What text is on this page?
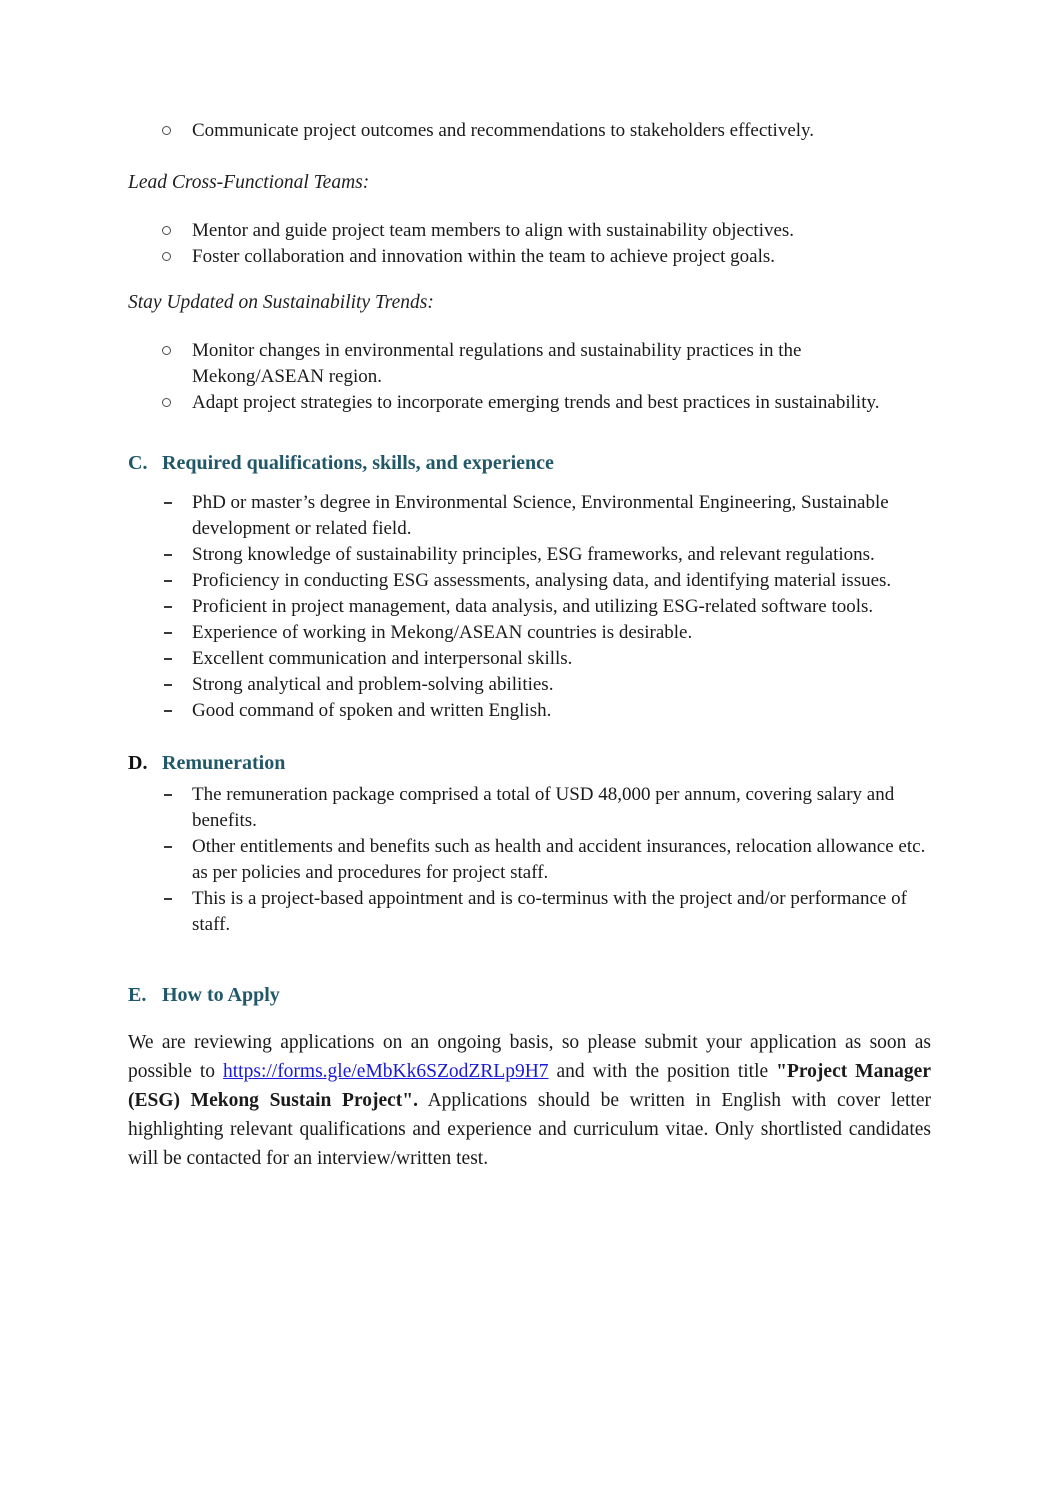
Communicate project outcomes and recommendations to stakeholders effectively.
Lead Cross-Functional Teams:
Mentor and guide project team members to align with sustainability objectives.
Foster collaboration and innovation within the team to achieve project goals.
Stay Updated on Sustainability Trends:
Monitor changes in environmental regulations and sustainability practices in the Mekong/ASEAN region.
Adapt project strategies to incorporate emerging trends and best practices in sustainability.
C. Required qualifications, skills, and experience
PhD or master’s degree in Environmental Science, Environmental Engineering, Sustainable development or related field.
Strong knowledge of sustainability principles, ESG frameworks, and relevant regulations.
Proficiency in conducting ESG assessments, analysing data, and identifying material issues.
Proficient in project management, data analysis, and utilizing ESG-related software tools.
Experience of working in Mekong/ASEAN countries is desirable.
Excellent communication and interpersonal skills.
Strong analytical and problem-solving abilities.
Good command of spoken and written English.
D. Remuneration
The remuneration package comprised a total of USD 48,000 per annum, covering salary and benefits.
Other entitlements and benefits such as health and accident insurances, relocation allowance etc. as per policies and procedures for project staff.
This is a project-based appointment and is co-terminus with the project and/or performance of staff.
E. How to Apply

We are reviewing applications on an ongoing basis, so please submit your application as soon as possible to https://forms.gle/eMbKk6SZodZRLp9H7 and with the position title "Project Manager (ESG) Mekong Sustain Project". Applications should be written in English with cover letter highlighting relevant qualifications and experience and curriculum vitae. Only shortlisted candidates will be contacted for an interview/written test.
